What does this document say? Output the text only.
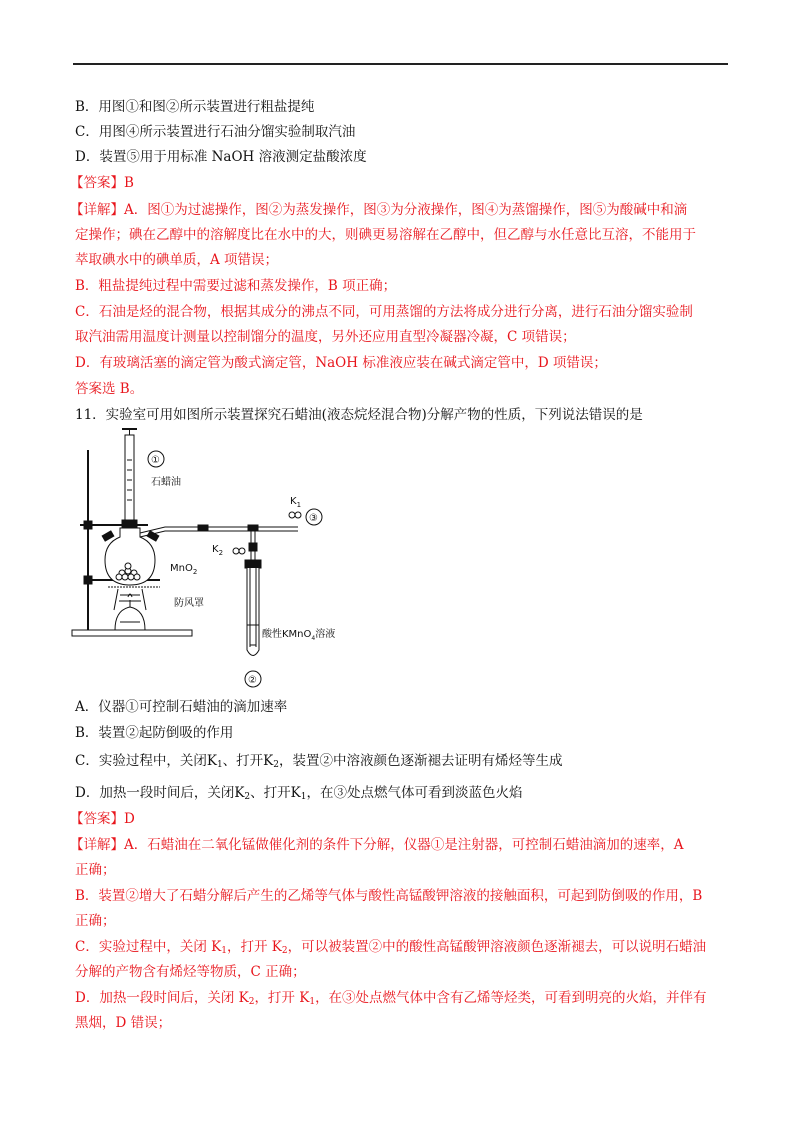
B．用图①和图②所示装置进行粗盐提纯
C．用图④所示装置进行石油分馏实验制取汽油
D．装置⑤用于用标准 NaOH 溶液测定盐酸浓度
【答案】B
【详解】A．图①为过滤操作，图②为蒸发操作，图③为分液操作，图④为蒸馏操作，图⑤为酸碱中和滴
定操作；碘在乙醇中的溶解度比在水中的大，则碘更易溶解在乙醇中，但乙醇与水任意比互溶，不能用于
萃取碘水中的碘单质，A 项错误；
B．粗盐提纯过程中需要过滤和蒸发操作，B 项正确；
C．石油是烃的混合物，根据其成分的沸点不同，可用蒸馏的方法将成分进行分离，进行石油分馏实验制
取汽油需用温度计测量以控制馏分的温度，另外还应用直型冷凝器冷凝，C 项错误；
D．有玻璃活塞的滴定管为酸式滴定管，NaOH 标准液应装在碱式滴定管中，D 项错误；
答案选 B。
11．实验室可用如图所示装置探究石蜡油(液态烷烃混合物)分解产物的性质，下列说法错误的是
①
③
②
石蜡油
MnO$_2$
防风罩
$K_1$
$K_2$
酸性KMnO$_4$溶液
A．仪器①可控制石蜡油的滴加速率
B．装置②起防倒吸的作用
C．实验过程中，关闭$K_1$、打开$K_2$，装置②中溶液颜色逐渐褪去证明有烯烃等生成
D．加热一段时间后，关闭$K_2$、打开$K_1$，在③处点燃气体可看到淡蓝色火焰
【答案】D
【详解】A．石蜡油在二氧化锰做催化剂的条件下分解，仪器①是注射器，可控制石蜡油滴加的速率，A
正确；
B．装置②增大了石蜡分解后产生的乙烯等气体与酸性高锰酸钾溶液的接触面积，可起到防倒吸的作用，B
正确；
C．实验过程中，关闭 $K_1$，打开 $K_2$，可以被装置②中的酸性高锰酸钾溶液颜色逐渐褪去，可以说明石蜡油
分解的产物含有烯烃等物质，C 正确；
D．加热一段时间后，关闭 $K_2$，打开 $K_1$，在③处点燃气体中含有乙烯等烃类，可看到明亮的火焰，并伴有
黑烟，D 错误；
